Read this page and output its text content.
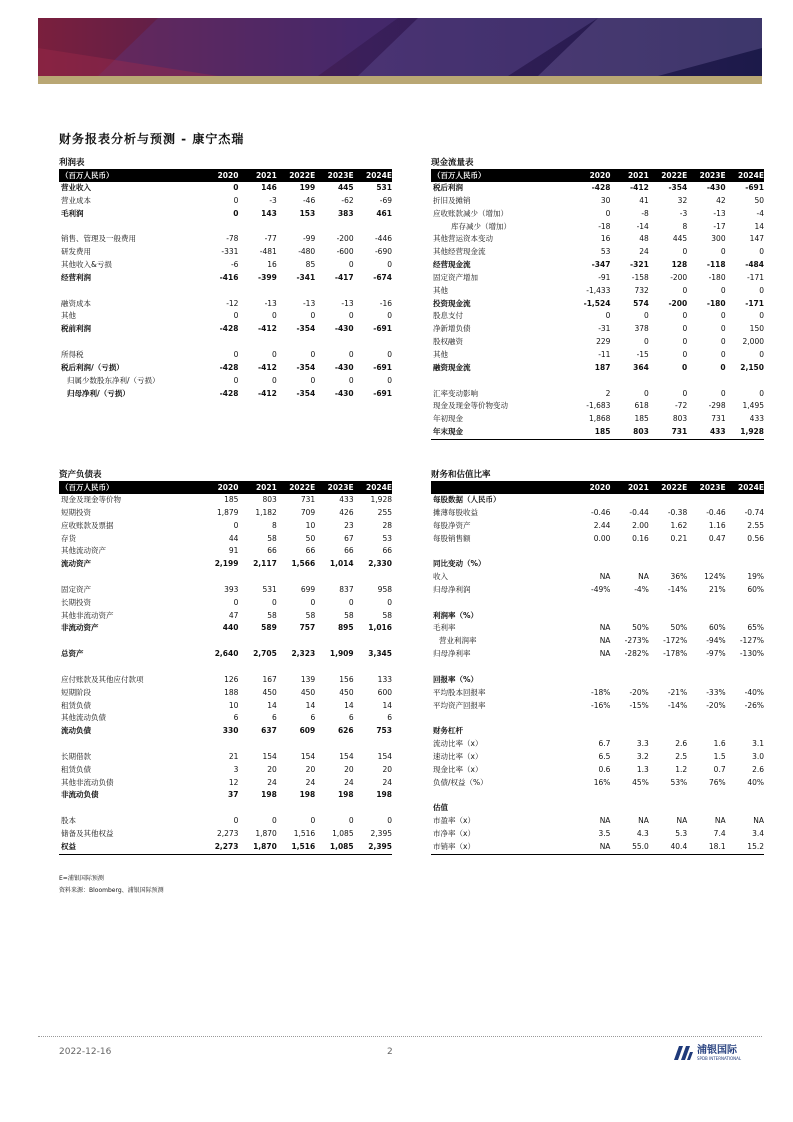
财务报表分析与预测 - 康宁杰瑞
利润表
（百万人民币）	2020	2021	2022E	2023E	2024E
营业收入	0	146	199	445	531
营业成本	0	-3	-46	-62	-69
毛利润	0	143	153	383	461
销售、管理及一般费用	-78	-77	-99	-200	-446
研发费用	-331	-481	-480	-600	-690
其他收入&亏损	-6	16	85	0	0
经营利润	-416	-399	-341	-417	-674
融资成本	-12	-13	-13	-13	-16
其他	0	0	0	0	0
税前利润	-428	-412	-354	-430	-691
所得税	0	0	0	0	0
税后利润/（亏损）	-428	-412	-354	-430	-691
归属少数股东净利/（亏损）	0	0	0	0	0
归母净利/（亏损）	-428	-412	-354	-430	-691
现金流量表
（百万人民币）	2020	2021	2022E	2023E	2024E
税后利润	-428	-412	-354	-430	-691
折旧及摊销	30	41	32	42	50
应收账款减少（增加）	0	-8	-3	-13	-4
库存减少（增加）	-18	-14	8	-17	14
其他营运资本变动	16	48	445	300	147
其他经营现金流	53	24	0	0	0
经营现金流	-347	-321	128	-118	-484
固定资产增加	-91	-158	-200	-180	-171
其他	-1,433	732	0	0	0
投资现金流	-1,524	574	-200	-180	-171
股息支付	0	0	0	0	0
净新增负债	-31	378	0	0	150
股权融资	229	0	0	0	2,000
其他	-11	-15	0	0	0
融资现金流	187	364	0	0	2,150
汇率变动影响	2	0	0	0	0
现金及现金等价物变动	-1,683	618	-72	-298	1,495
年初现金	1,868	185	803	731	433
年末现金	185	803	731	433	1,928
资产负债表
（百万人民币）	2020	2021	2022E	2023E	2024E
现金及现金等价物	185	803	731	433	1,928
短期投资	1,879	1,182	709	426	255
应收账款及票据	0	8	10	23	28
存货	44	58	50	67	53
其他流动资产	91	66	66	66	66
流动资产	2,199	2,117	1,566	1,014	2,330
固定资产	393	531	699	837	958
长期投资	0	0	0	0	0
其他非流动资产	47	58	58	58	58
非流动资产	440	589	757	895	1,016
总资产	2,640	2,705	2,323	1,909	3,345
应付账款及其他应付款项	126	167	139	156	133
短期阶段	188	450	450	450	600
租赁负债	10	14	14	14	14
其他流动负债	6	6	6	6	6
流动负债	330	637	609	626	753
长期借款	21	154	154	154	154
租赁负债	3	20	20	20	20
其他非流动负债	12	24	24	24	24
非流动负债	37	198	198	198	198
股本	0	0	0	0	0
储备及其他权益	2,273	1,870	1,516	1,085	2,395
权益	2,273	1,870	1,516	1,085	2,395
财务和估值比率
2020	2021	2022E	2023E	2024E
每股数据（人民币）
摊薄每股收益	-0.46	-0.44	-0.38	-0.46	-0.74
每股净资产	2.44	2.00	1.62	1.16	2.55
每股销售额	0.00	0.16	0.21	0.47	0.56
同比变动（%）
收入	NA	NA	36%	124%	19%
归母净利润	-49%	-4%	-14%	21%	60%
利润率（%）
毛利率	NA	50%	50%	60%	65%
营业利润率	NA	-273%	-172%	-94%	-127%
归母净利率	NA	-282%	-178%	-97%	-130%
回报率（%）
平均股本回报率	-18%	-20%	-21%	-33%	-40%
平均资产回报率	-16%	-15%	-14%	-20%	-26%
财务杠杆
流动比率（x）	6.7	3.3	2.6	1.6	3.1
速动比率（x）	6.5	3.2	2.5	1.5	3.0
现金比率（x）	0.6	1.3	1.2	0.7	2.6
负债/权益（%）	16%	45%	53%	76%	40%
估值
市盈率（x）	NA	NA	NA	NA	NA
市净率（x）	3.5	4.3	5.3	7.4	3.4
市销率（x）	NA	55.0	40.4	18.1	15.2
E=浦银国际预测
资料来源：Bloomberg、浦银国际预测
2022-12-16	2	浦银国际
SPDB INTERNATIONAL
